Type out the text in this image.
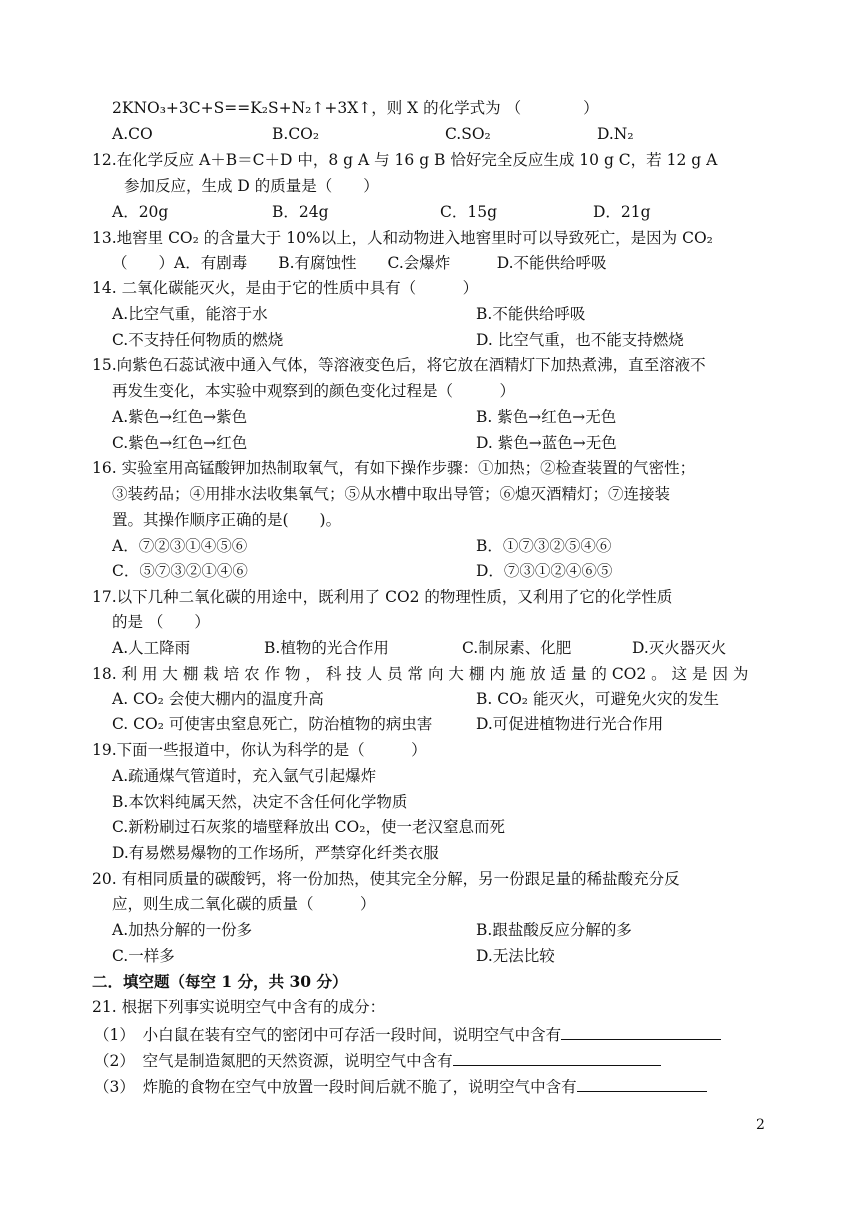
2KNO₃+3C+S==K₂S+N₂↑+3X↑，则 X 的化学式为 （　　　　）
A.CO	B.CO₂	C.SO₂	D.N₂
12.在化学反应 A＋B＝C＋D 中，8 g A 与 16 g B 恰好完全反应生成 10 g C，若 12 g A
参加反应，生成 D 的质量是（　　）
A．20g	B．24g	C．15g	D．21g
13.地窖里 CO₂ 的含量大于 10%以上，人和动物进入地窖里时可以导致死亡，是因为 CO₂
（　　）A．有剧毒　　B.有腐蚀性　　C.会爆炸　　　D.不能供给呼吸
14. 二氧化碳能灭火，是由于它的性质中具有（　　　）
A.比空气重，能溶于水	B.不能供给呼吸
C.不支持任何物质的燃烧	D. 比空气重，也不能支持燃烧
15.向紫色石蕊试液中通入气体，等溶液变色后，将它放在酒精灯下加热煮沸，直至溶液不
再发生变化，本实验中观察到的颜色变化过程是（　　　）
A.紫色→红色→紫色	B. 紫色→红色→无色
C.紫色→红色→红色	D. 紫色→蓝色→无色
16. 实验室用高锰酸钾加热制取氧气，有如下操作步骤：①加热；②检查装置的气密性；
③装药品；④用排水法收集氧气；⑤从水槽中取出导管；⑥熄灭酒精灯；⑦连接装
置。其操作顺序正确的是(　　)。
A．⑦②③①④⑤⑥	B．①⑦③②⑤④⑥
C．⑤⑦③②①④⑥	D．⑦③①②④⑥⑤
17.以下几种二氧化碳的用途中，既利用了 CO2 的物理性质，又利用了它的化学性质
的是 （　　）
A.人工降雨	B.植物的光合作用	C.制尿素、化肥	D.灭火器灭火
18. 利 用 大 棚 栽 培 农 作 物 ， 科 技 人 员 常 向 大 棚 内 施 放 适 量 的 CO2 。 这 是 因 为
A. CO₂ 会使大棚内的温度升高	B. CO₂ 能灭火，可避免火灾的发生
C. CO₂ 可使害虫窒息死亡，防治植物的病虫害	D.可促进植物进行光合作用
19.下面一些报道中，你认为科学的是（　　　）
A.疏通煤气管道时，充入氩气引起爆炸
B.本饮料纯属天然，决定不含任何化学物质
C.新粉刷过石灰浆的墙壁释放出 CO₂，使一老汉窒息而死
D.有易燃易爆物的工作场所，严禁穿化纤类衣服
20. 有相同质量的碳酸钙，将一份加热，使其完全分解，另一份跟足量的稀盐酸充分反
应，则生成二氧化碳的质量（　　　）
A.加热分解的一份多	B.跟盐酸反应分解的多
C.一样多	D.无法比较
二．填空题（每空 1 分，共 30 分）
21. 根据下列事实说明空气中含有的成分：
（1）　小白鼠在装有空气的密闭中可存活一段时间，说明空气中含有
（2）　空气是制造氮肥的天然资源，说明空气中含有
（3）　炸脆的食物在空气中放置一段时间后就不脆了，说明空气中含有
2
